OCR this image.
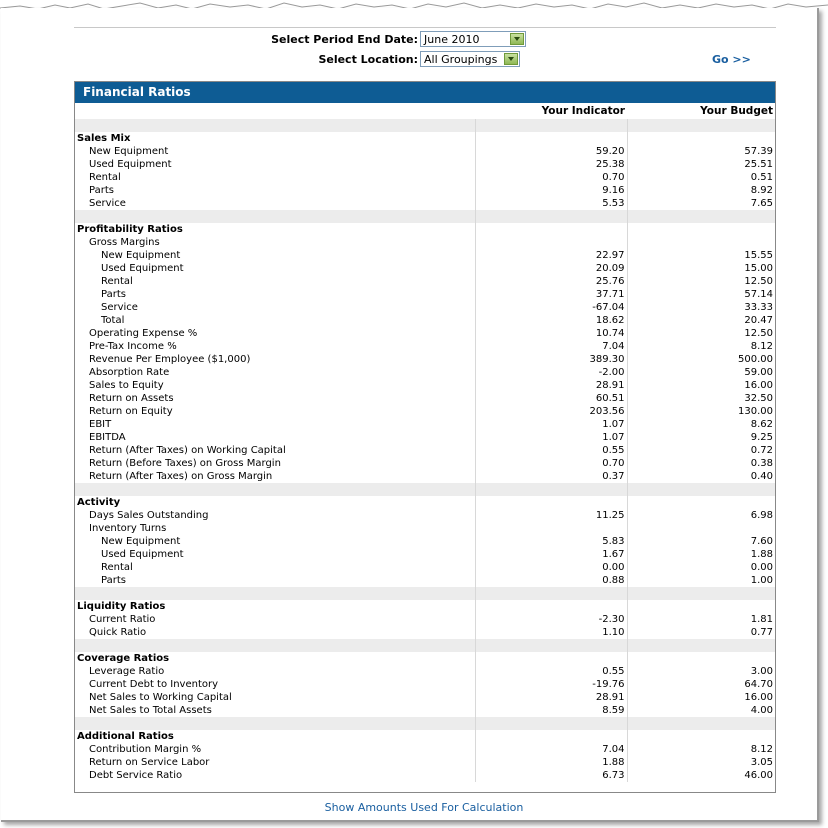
Select Period End Date: June 2010
Select Location: All Groupings	Go >>
Financial Ratios
	Your Indicator	Your Budget

Sales Mix		
New Equipment	59.20	57.39
Used Equipment	25.38	25.51
Rental	0.70	0.51
Parts	9.16	8.92
Service	5.53	7.65

Profitability Ratios		
Gross Margins		
New Equipment	22.97	15.55
Used Equipment	20.09	15.00
Rental	25.76	12.50
Parts	37.71	57.14
Service	-67.04	33.33
Total	18.62	20.47
Operating Expense %	10.74	12.50
Pre-Tax Income %	7.04	8.12
Revenue Per Employee ($1,000)	389.30	500.00
Absorption Rate	-2.00	59.00
Sales to Equity	28.91	16.00
Return on Assets	60.51	32.50
Return on Equity	203.56	130.00
EBIT	1.07	8.62
EBITDA	1.07	9.25
Return (After Taxes) on Working Capital	0.55	0.72
Return (Before Taxes) on Gross Margin	0.70	0.38
Return (After Taxes) on Gross Margin	0.37	0.40

Activity		
Days Sales Outstanding	11.25	6.98
Inventory Turns		
New Equipment	5.83	7.60
Used Equipment	1.67	1.88
Rental	0.00	0.00
Parts	0.88	1.00

Liquidity Ratios		
Current Ratio	-2.30	1.81
Quick Ratio	1.10	0.77

Coverage Ratios		
Leverage Ratio	0.55	3.00
Current Debt to Inventory	-19.76	64.70
Net Sales to Working Capital	28.91	16.00
Net Sales to Total Assets	8.59	4.00

Additional Ratios		
Contribution Margin %	7.04	8.12
Return on Service Labor	1.88	3.05
Debt Service Ratio	6.73	46.00
Show Amounts Used For Calculation
